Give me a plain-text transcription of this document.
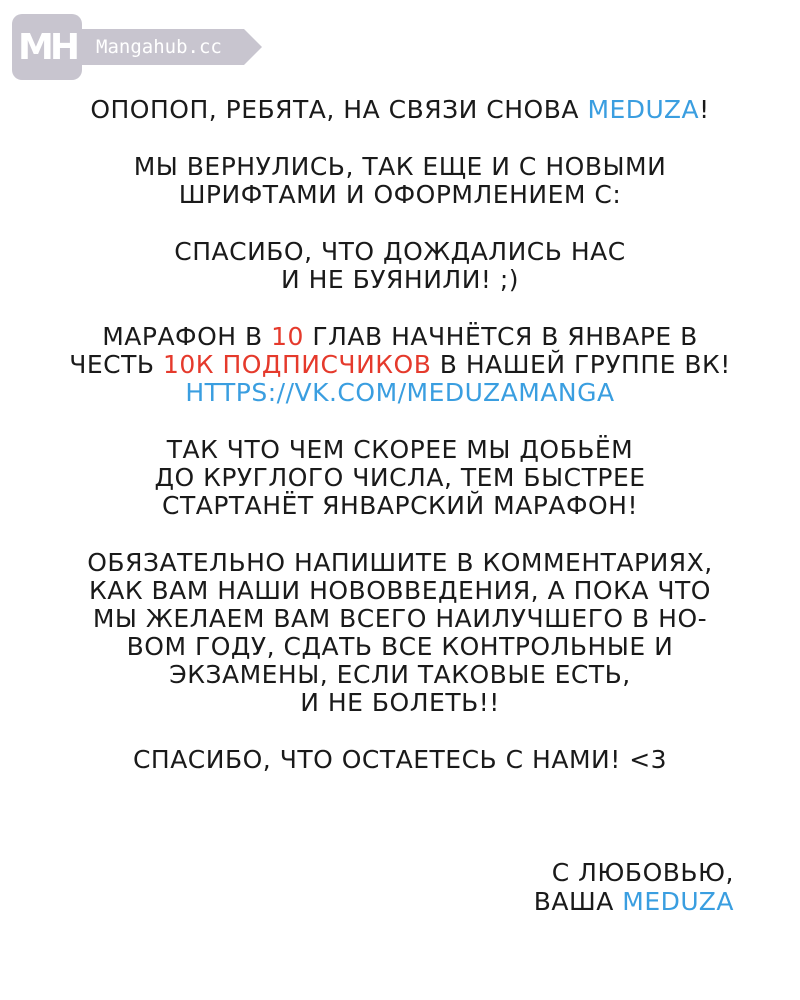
MH Mangahub.cc

ОПОПОП, РЕБЯТА, НА СВЯЗИ СНОВА MEDUZA!

МЫ ВЕРНУЛИСЬ, ТАК ЕЩЕ И С НОВЫМИ
ШРИФТАМИ И ОФОРМЛЕНИЕМ С:

СПАСИБО, ЧТО ДОЖДАЛИСЬ НАС
И НЕ БУЯНИЛИ! ;)

МАРАФОН В 10 ГЛАВ НАЧНЁТСЯ В ЯНВАРЕ В
ЧЕСТЬ 10К ПОДПИСЧИКОВ В НАШЕЙ ГРУППЕ ВК!
HTTPS://VK.COM/MEDUZAMANGA

ТАК ЧТО ЧЕМ СКОРЕЕ МЫ ДОБЬЁМ
ДО КРУГЛОГО ЧИСЛА, ТЕМ БЫСТРЕЕ
СТАРТАНЁТ ЯНВАРСКИЙ МАРАФОН!

ОБЯЗАТЕЛЬНО НАПИШИТЕ В КОММЕНТАРИЯХ,
КАК ВАМ НАШИ НОВОВВЕДЕНИЯ, А ПОКА ЧТО
МЫ ЖЕЛАЕМ ВАМ ВСЕГО НАИЛУЧШЕГО В НО-
ВОМ ГОДУ, СДАТЬ ВСЕ КОНТРОЛЬНЫЕ И
ЭКЗАМЕНЫ, ЕСЛИ ТАКОВЫЕ ЕСТЬ,
И НЕ БОЛЕТЬ!!

СПАСИБО, ЧТО ОСТАЕТЕСЬ С НАМИ! <3

С ЛЮБОВЬЮ,
ВАША MEDUZA
